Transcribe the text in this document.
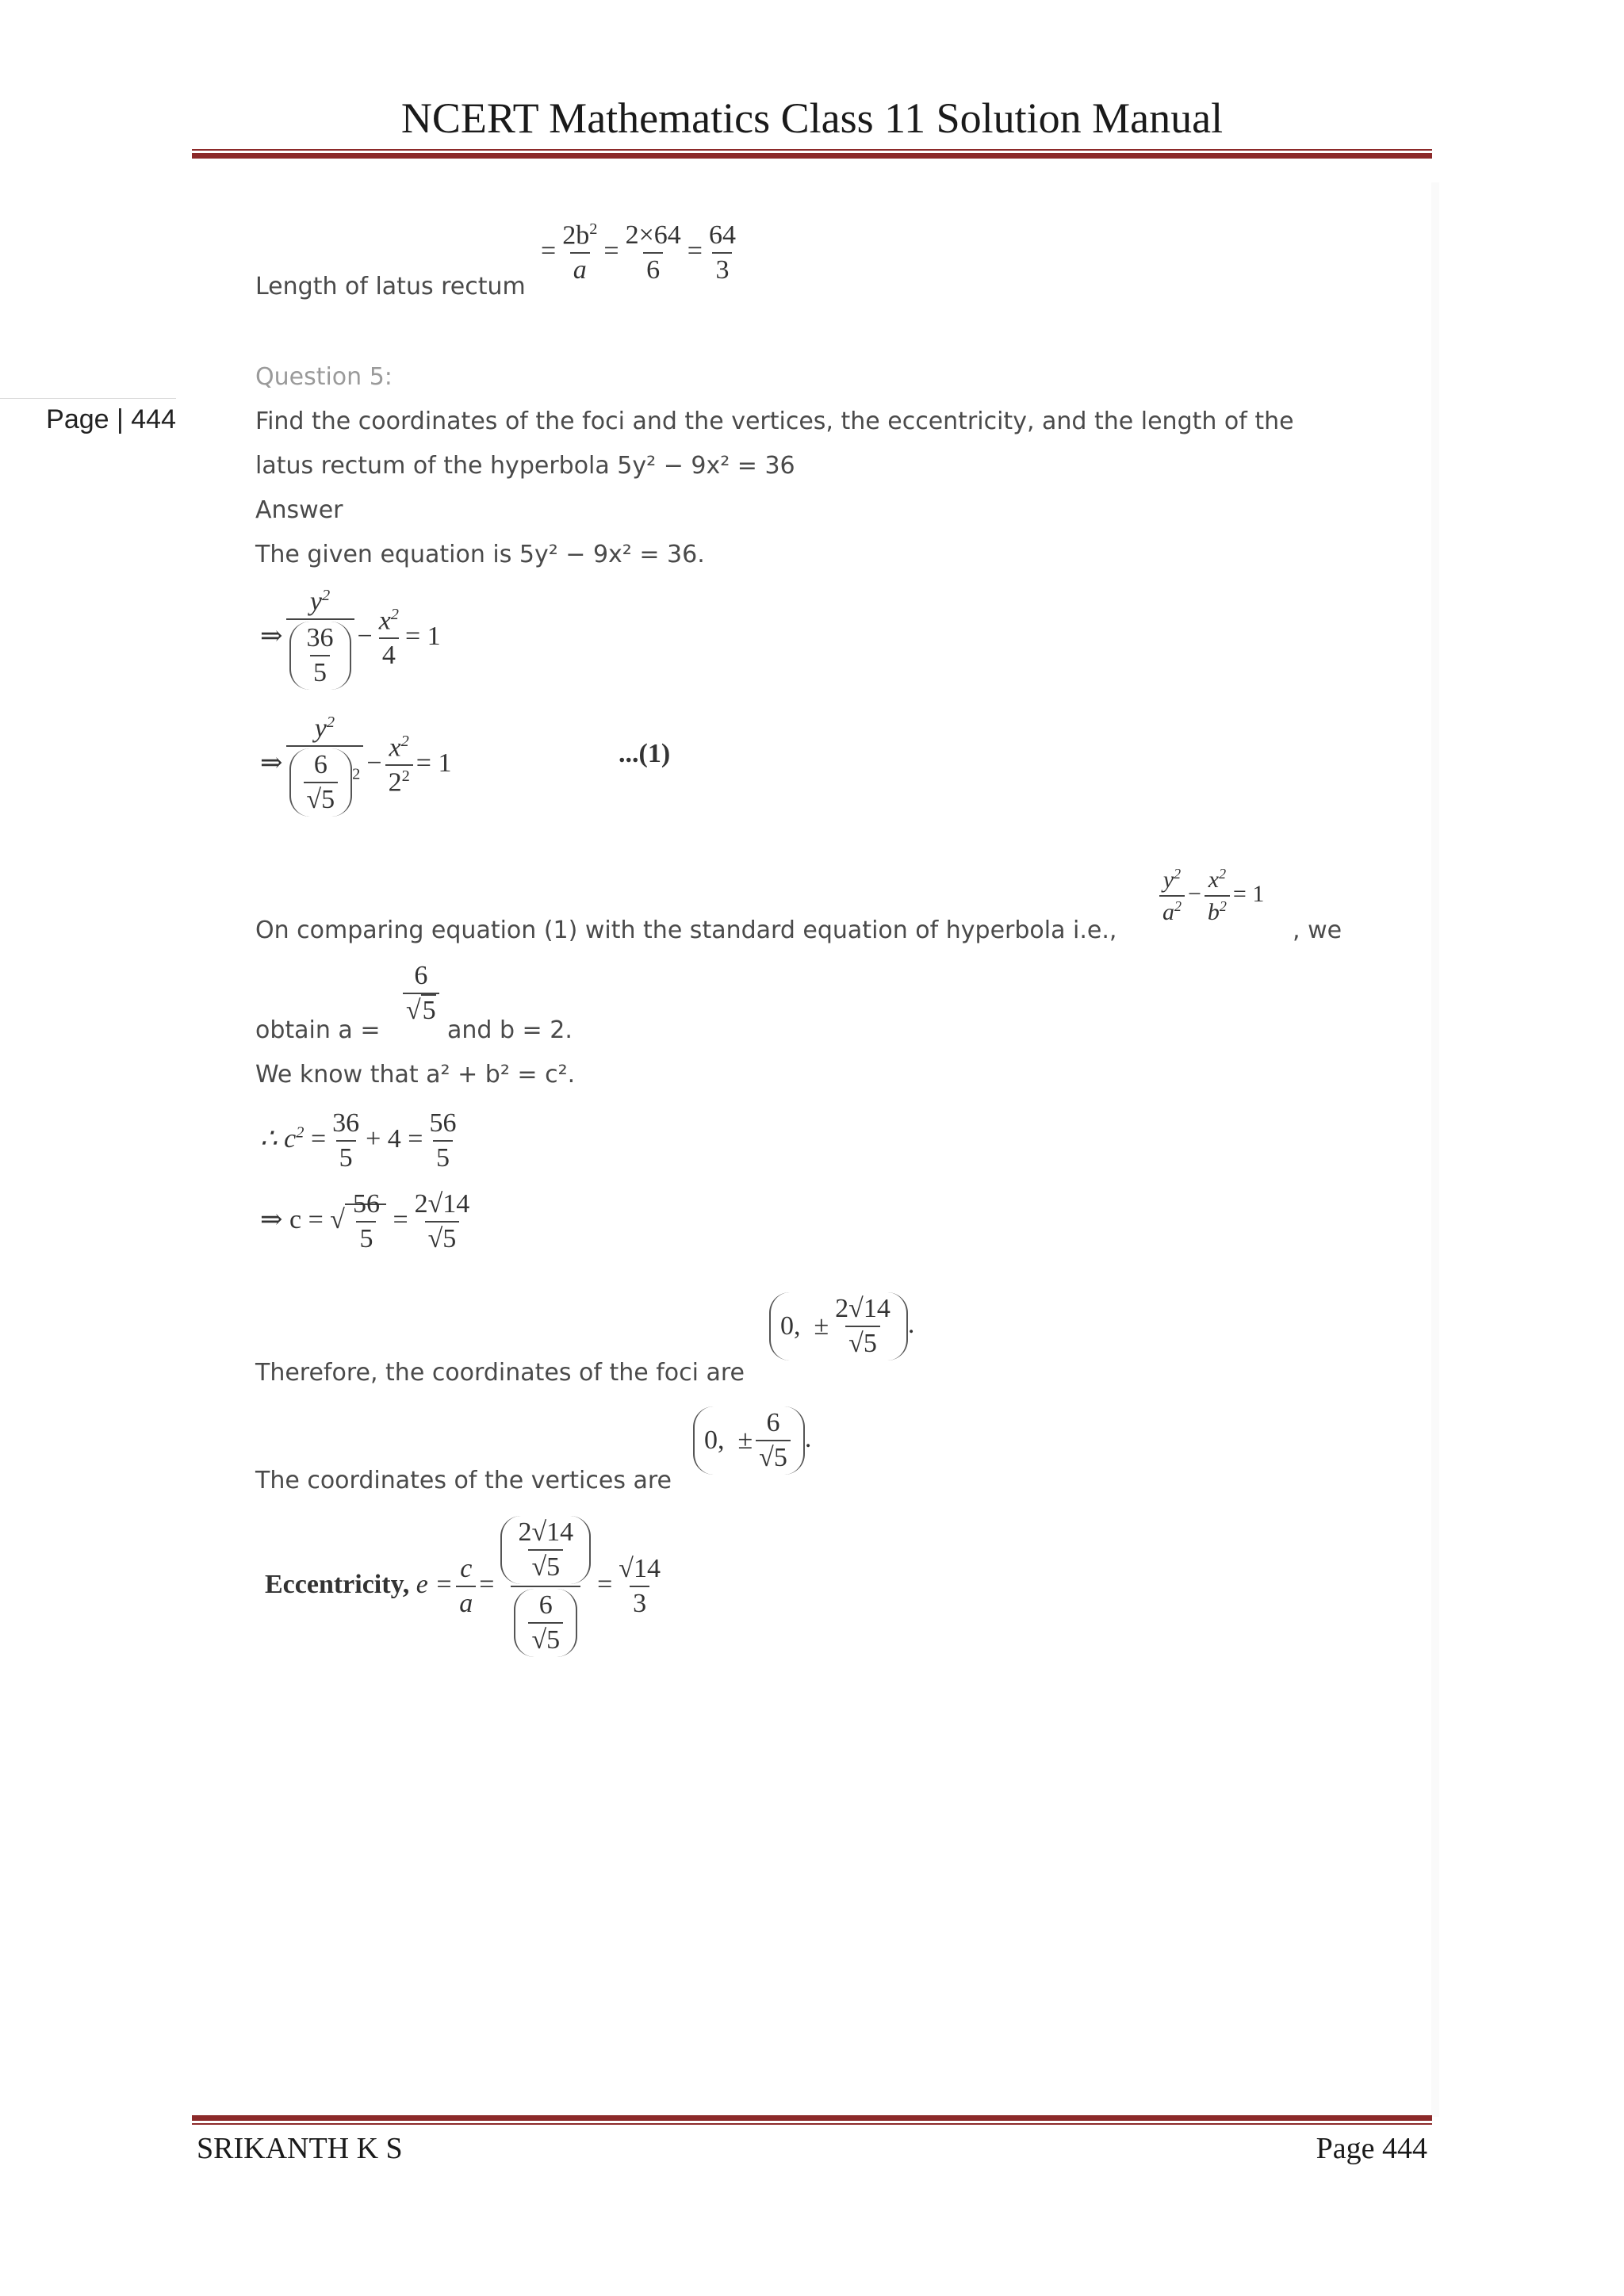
NCERT Mathematics Class 11 Solution Manual
Page | 444
Length of latus rectum
= $\frac{2b^2}{a} = \frac{2\times 64}{6} = \frac{64}{3}$
Question 5:
Find the coordinates of the foci and the vertices, the eccentricity, and the length of the
latus rectum of the hyperbola 5y² − 9x² = 36
Answer
The given equation is 5y² − 9x² = 36.
⇒ $\frac{y^2}{\frac{36}{5}} - \frac{x^2}{4} = 1$
⇒ $\frac{y^2}{\frac{6}{√5} ^2} - \frac{x^2}{2^2} = 1$	...(1)
On comparing equation (1) with the standard equation of hyperbola i.e.,
$\frac{y^2}{a^2} - \frac{x^2}{b^2} = 1$
, we
obtain a =
$\frac{6}{√5}$
and b = 2.
We know that a² + b² = c².
∴ $c^2 = \frac{36}{5} + 4 = \frac{56}{5}$
⇒ c = √ $\frac{56}{5} = \frac{2√14}{√5}$
Therefore, the coordinates of the foci are
0,
± $\frac{2√14}{√5}$ .
The coordinates of the vertices are
0,
± $\frac{6}{√5}$ .
Eccentricity, $e = \frac{c}{a} = \frac{\frac{2√14}{√5}}{\frac{6}{√5}} = \frac{√14}{3}$
SRIKANTH K S	Page 444
